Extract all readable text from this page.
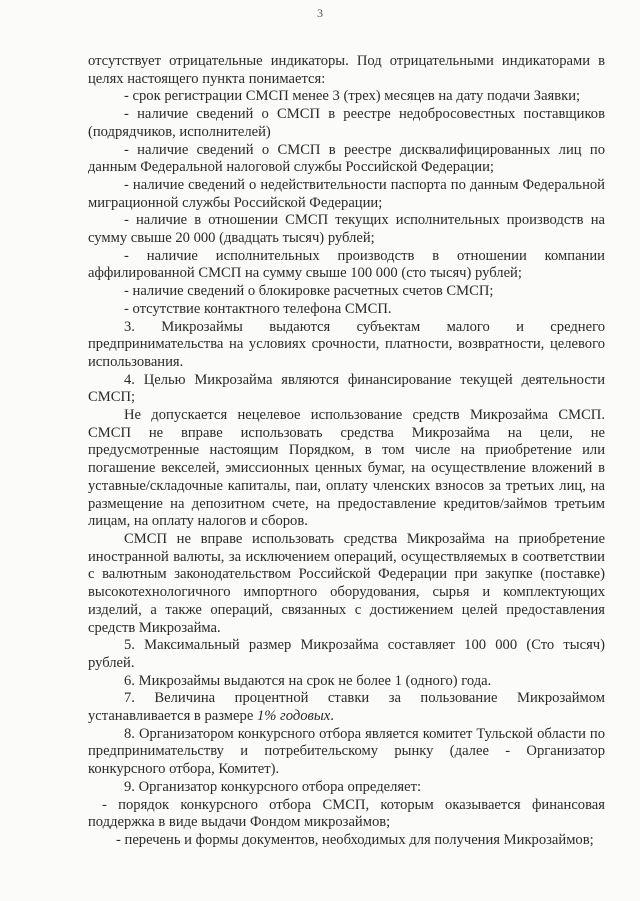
3

отсутствует отрицательные индикаторы. Под отрицательными индикаторами в целях настоящего пункта понимается:

- срок регистрации СМСП менее 3 (трех) месяцев на дату подачи Заявки;

- наличие сведений о СМСП в реестре недобросовестных поставщиков (подрядчиков, исполнителей)

- наличие сведений о СМСП в реестре дисквалифицированных лиц по данным Федеральной налоговой службы Российской Федерации;

- наличие сведений о недействительности паспорта по данным Федеральной миграционной службы Российской Федерации;

- наличие в отношении СМСП текущих исполнительных производств на сумму свыше 20 000 (двадцать тысяч) рублей;

- наличие исполнительных производств в отношении компании аффилированной СМСП на сумму свыше 100 000 (сто тысяч) рублей;

- наличие сведений о блокировке расчетных счетов СМСП;

- отсутствие контактного телефона СМСП.

3. Микрозаймы выдаются субъектам малого и среднего предпринимательства на условиях срочности, платности, возвратности, целевого использования.

4. Целью Микрозайма являются финансирование текущей деятельности СМСП;

Не допускается нецелевое использование средств Микрозайма СМСП. СМСП не вправе использовать средства Микрозайма на цели, не предусмотренные настоящим Порядком, в том числе на приобретение или погашение векселей, эмиссионных ценных бумаг, на осуществление вложений в уставные/складочные капиталы, паи, оплату членских взносов за третьих лиц, на размещение на депозитном счете, на предоставление кредитов/займов третьим лицам, на оплату налогов и сборов.

СМСП не вправе использовать средства Микрозайма на приобретение иностранной валюты, за исключением операций, осуществляемых в соответствии с валютным законодательством Российской Федерации при закупке (поставке) высокотехнологичного импортного оборудования, сырья и комплектующих изделий, а также операций, связанных с достижением целей предоставления средств Микрозайма.

5. Максимальный размер Микрозайма составляет 100 000 (Сто тысяч) рублей.

6. Микрозаймы выдаются на срок не более 1 (одного) года.

7. Величина процентной ставки за пользование Микрозаймом устанавливается в размере 1% годовых.

8. Организатором конкурсного отбора является комитет Тульской области по предпринимательству и потребительскому рынку (далее - Организатор конкурсного отбора, Комитет).

9. Организатор конкурсного отбора определяет:

- порядок конкурсного отбора СМСП, которым оказывается финансовая поддержка в виде выдачи Фондом микрозаймов;

- перечень и формы документов, необходимых для получения Микрозаймов;
